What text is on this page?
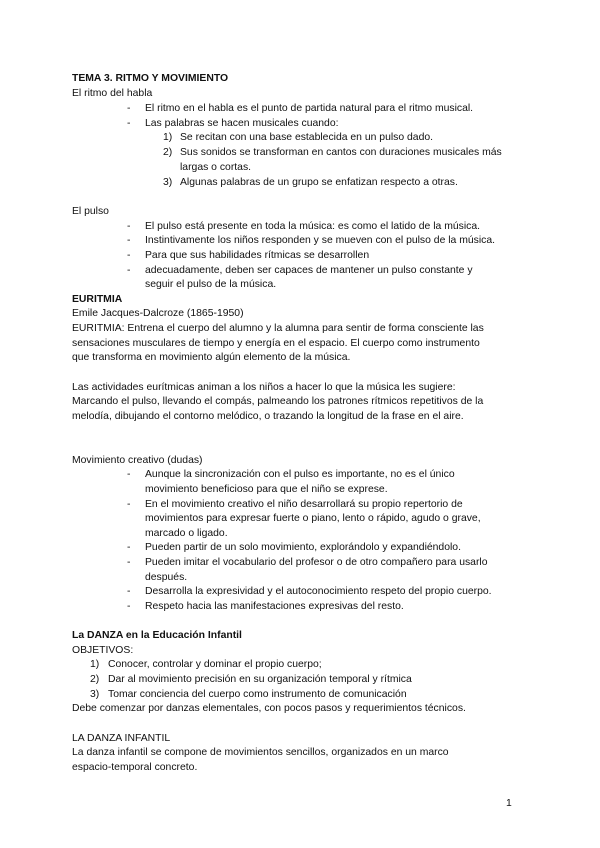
TEMA 3. RITMO Y MOVIMIENTO
El ritmo del habla
- El ritmo en el habla es el punto de partida natural para el ritmo musical.
- Las palabras se hacen musicales cuando:
1) Se recitan con una base establecida en un pulso dado.
2) Sus sonidos se transforman en cantos con duraciones musicales más
largas o cortas.
3) Algunas palabras de un grupo se enfatizan respecto a otras.
El pulso
- El pulso está presente en toda la música: es como el latido de la música.
- Instintivamente los niños responden y se mueven con el pulso de la música.
- Para que sus habilidades rítmicas se desarrollen
- adecuadamente, deben ser capaces de mantener un pulso constante y
seguir el pulso de la música.
EURITMIA
Emile Jacques-Dalcroze (1865-1950)
EURITMIA: Entrena el cuerpo del alumno y la alumna para sentir de forma consciente las
sensaciones musculares de tiempo y energía en el espacio. El cuerpo como instrumento
que transforma en movimiento algún elemento de la música.
Las actividades eurítmicas animan a los niños a hacer lo que la música les sugiere:
Marcando el pulso, llevando el compás, palmeando los patrones rítmicos repetitivos de la
melodía, dibujando el contorno melódico, o trazando la longitud de la frase en el aire.
Movimiento creativo (dudas)
- Aunque la sincronización con el pulso es importante, no es el único
movimiento beneficioso para que el niño se exprese.
- En el movimiento creativo el niño desarrollará su propio repertorio de
movimientos para expresar fuerte o piano, lento o rápido, agudo o grave,
marcado o ligado.
- Pueden partir de un solo movimiento, explorándolo y expandiéndolo.
- Pueden imitar el vocabulario del profesor o de otro compañero para usarlo
después.
- Desarrolla la expresividad y el autoconocimiento respeto del propio cuerpo.
- Respeto hacia las manifestaciones expresivas del resto.
La DANZA en la Educación Infantil
OBJETIVOS:
1) Conocer, controlar y dominar el propio cuerpo;
2) Dar al movimiento precisión en su organización temporal y rítmica
3) Tomar conciencia del cuerpo como instrumento de comunicación
Debe comenzar por danzas elementales, con pocos pasos y requerimientos técnicos.
LA DANZA INFANTIL
La danza infantil se compone de movimientos sencillos, organizados en un marco
espacio-temporal concreto.
1
